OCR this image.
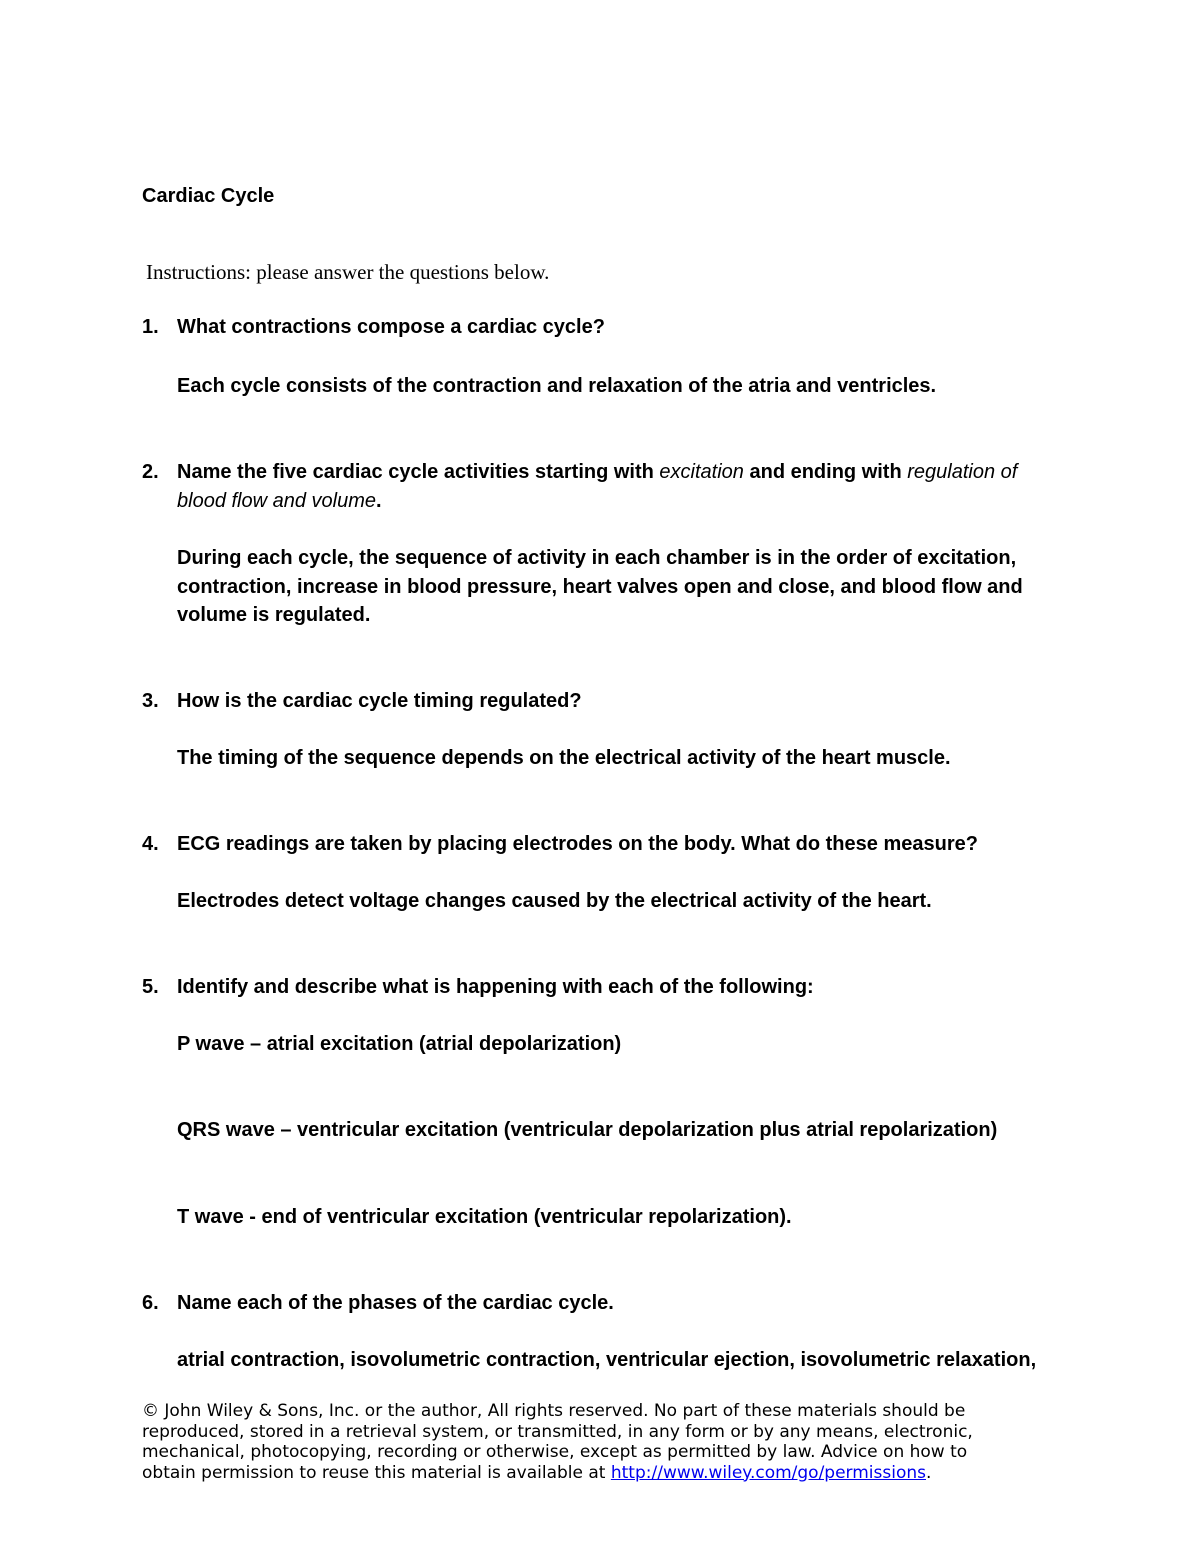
Cardiac Cycle
Instructions: please answer the questions below.
1. What contractions compose a cardiac cycle?
Each cycle consists of the contraction and relaxation of the atria and ventricles.
2. Name the five cardiac cycle activities starting with excitation and ending with regulation of
blood flow and volume.
During each cycle, the sequence of activity in each chamber is in the order of excitation,
contraction, increase in blood pressure, heart valves open and close, and blood flow and
volume is regulated.
3. How is the cardiac cycle timing regulated?
The timing of the sequence depends on the electrical activity of the heart muscle.
4. ECG readings are taken by placing electrodes on the body. What do these measure?
Electrodes detect voltage changes caused by the electrical activity of the heart.
5. Identify and describe what is happening with each of the following:
P wave – atrial excitation (atrial depolarization)
QRS wave – ventricular excitation (ventricular depolarization plus atrial repolarization)
T wave - end of ventricular excitation (ventricular repolarization).
6. Name each of the phases of the cardiac cycle.
atrial contraction, isovolumetric contraction, ventricular ejection, isovolumetric relaxation,
© John Wiley & Sons, Inc. or the author, All rights reserved. No part of these materials should be
reproduced, stored in a retrieval system, or transmitted, in any form or by any means, electronic,
mechanical, photocopying, recording or otherwise, except as permitted by law. Advice on how to
obtain permission to reuse this material is available at http://www.wiley.com/go/permissions.
